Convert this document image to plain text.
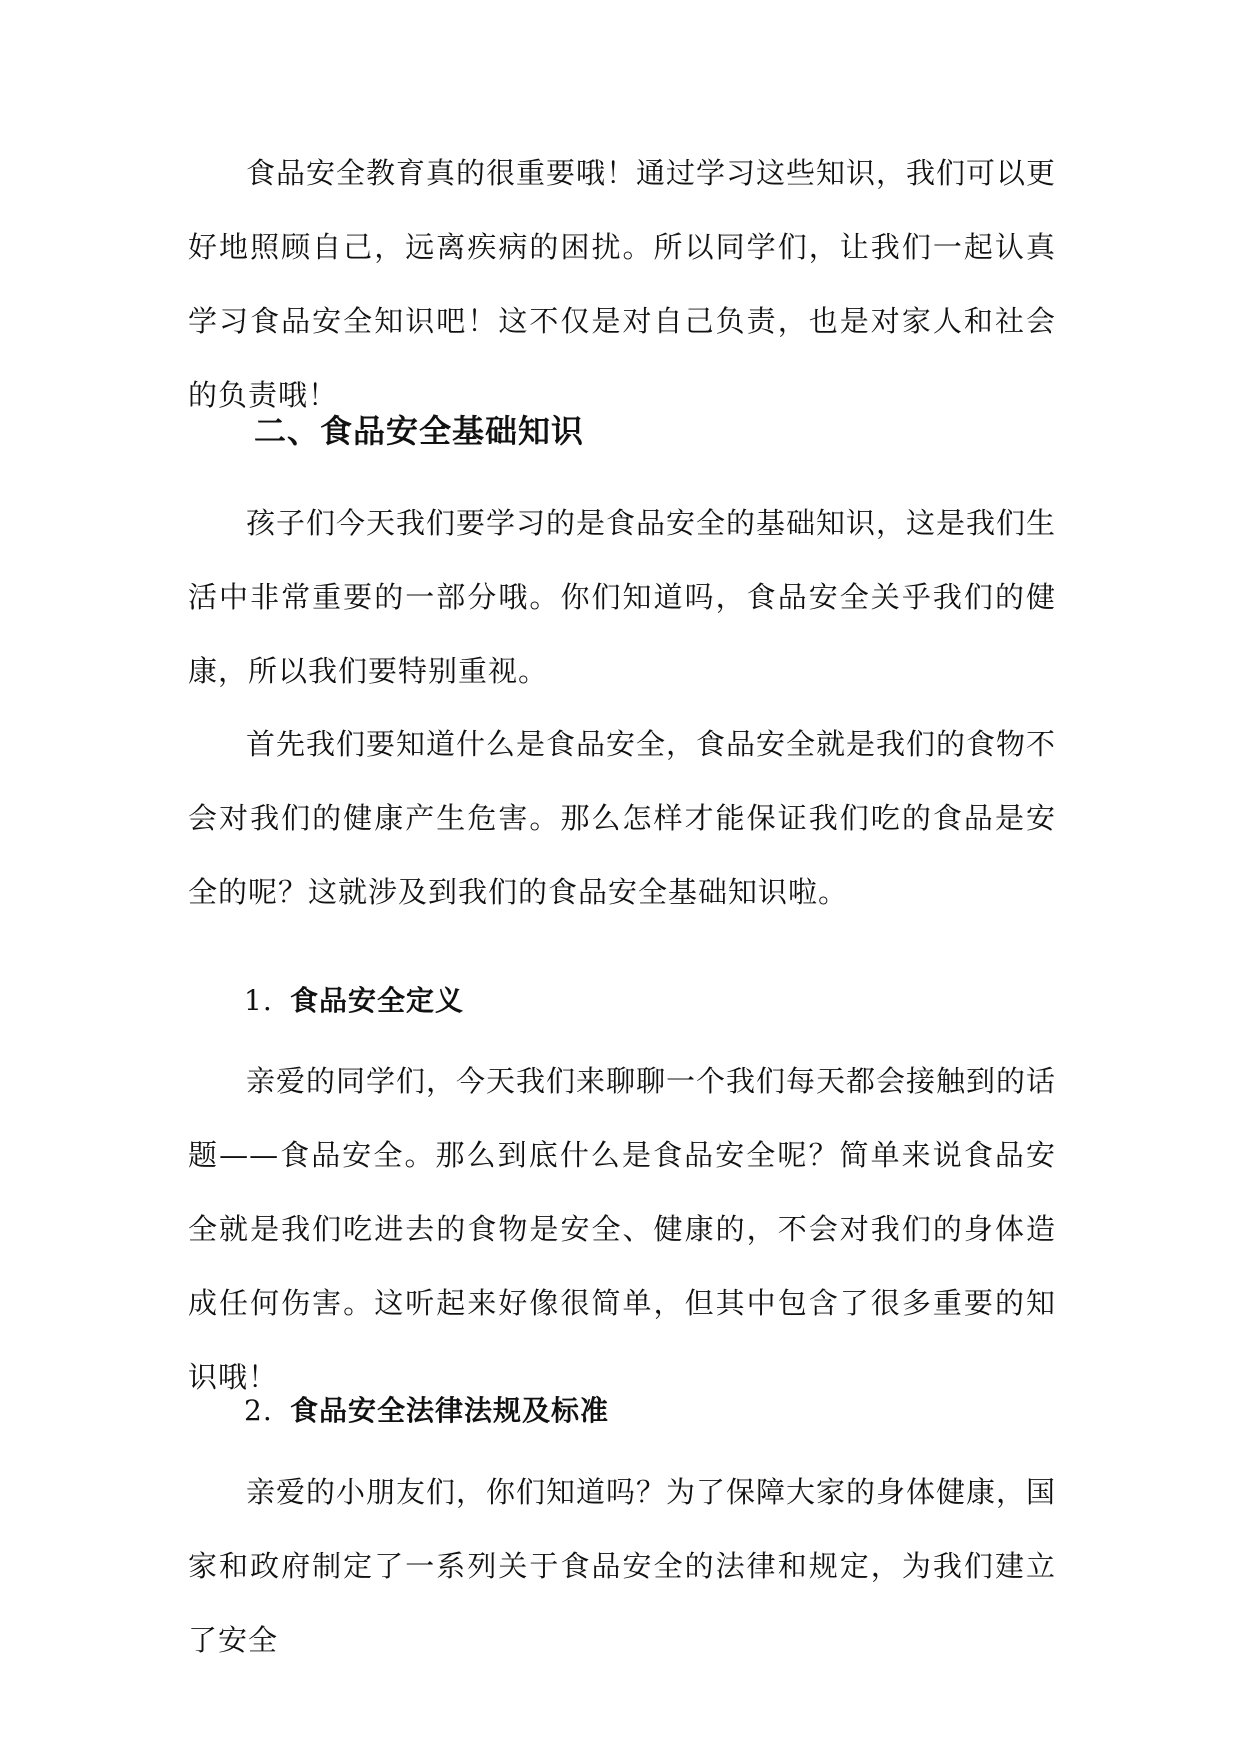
食品安全教育真的很重要哦！通过学习这些知识，我们可以更好地照顾自己，远离疾病的困扰。所以同学们，让我们一起认真学习食品安全知识吧！这不仅是对自己负责，也是对家人和社会的负责哦！

二、食品安全基础知识

孩子们今天我们要学习的是食品安全的基础知识，这是我们生活中非常重要的一部分哦。你们知道吗，食品安全关乎我们的健康，所以我们要特别重视。

首先我们要知道什么是食品安全，食品安全就是我们的食物不会对我们的健康产生危害。那么怎样才能保证我们吃的食品是安全的呢？这就涉及到我们的食品安全基础知识啦。

1. 食品安全定义

亲爱的同学们，今天我们来聊聊一个我们每天都会接触到的话题——食品安全。那么到底什么是食品安全呢？简单来说食品安全就是我们吃进去的食物是安全、健康的，不会对我们的身体造成任何伤害。这听起来好像很简单，但其中包含了很多重要的知识哦！

2. 食品安全法律法规及标准

亲爱的小朋友们，你们知道吗？为了保障大家的身体健康，国家和政府制定了一系列关于食品安全的法律和规定，为我们建立了安全
